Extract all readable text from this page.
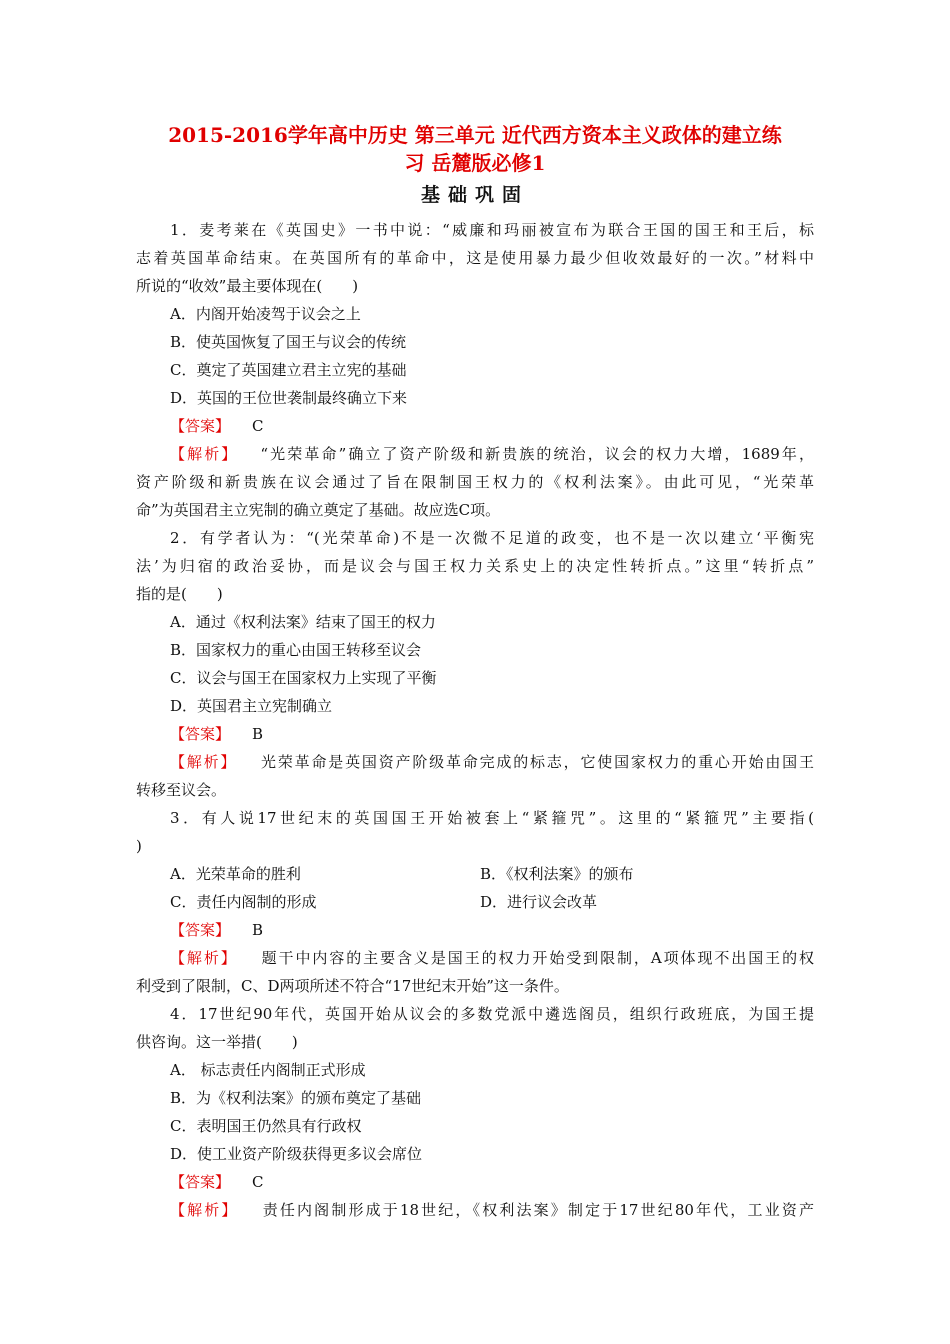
2015-2016学年高中历史 第三单元 近代西方资本主义政体的建立练
习 岳麓版必修1
基础巩固
1．麦考莱在《英国史》一书中说：“威廉和玛丽被宣布为联合王国的国王和王后，标
志着英国革命结束。在英国所有的革命中，这是使用暴力最少但收效最好的一次。”材料中
所说的“收效”最主要体现在(　　)
A．内阁开始凌驾于议会之上
B．使英国恢复了国王与议会的传统
C．奠定了英国建立君主立宪的基础
D．英国的王位世袭制最终确立下来
【答案】 C
【解析】 “光荣革命”确立了资产阶级和新贵族的统治，议会的权力大增，1689年，
资产阶级和新贵族在议会通过了旨在限制国王权力的《权利法案》。由此可见，“光荣革
命”为英国君主立宪制的确立奠定了基础。故应选C项。
2．有学者认为：“(光荣革命)不是一次微不足道的政变，也不是一次以建立‘平衡宪
法’为归宿的政治妥协，而是议会与国王权力关系史上的决定性转折点。”这里“转折点”
指的是(　　)
A．通过《权利法案》结束了国王的权力
B．国家权力的重心由国王转移至议会
C．议会与国王在国家权力上实现了平衡
D．英国君主立宪制确立
【答案】 B
【解析】 光荣革命是英国资产阶级革命完成的标志，它使国家权力的重心开始由国王
转移至议会。
3．有人说17世纪末的英国国王开始被套上“紧箍咒”。这里的“紧箍咒”主要指(
)
A．光荣革命的胜利	B．《权利法案》的颁布
C．责任内阁制的形成	D．进行议会改革
【答案】 B
【解析】 题干中内容的主要含义是国王的权力开始受到限制，A项体现不出国王的权
利受到了限制，C、D两项所述不符合“17世纪末开始”这一条件。
4．17世纪90年代，英国开始从议会的多数党派中遴选阁员，组织行政班底，为国王提
供咨询。这一举措(　　)
A． 标志责任内阁制正式形成
B．为《权利法案》的颁布奠定了基础
C．表明国王仍然具有行政权
D．使工业资产阶级获得更多议会席位
【答案】 C
【解析】 责任内阁制形成于18世纪，《权利法案》制定于17世纪80年代，工业资产
